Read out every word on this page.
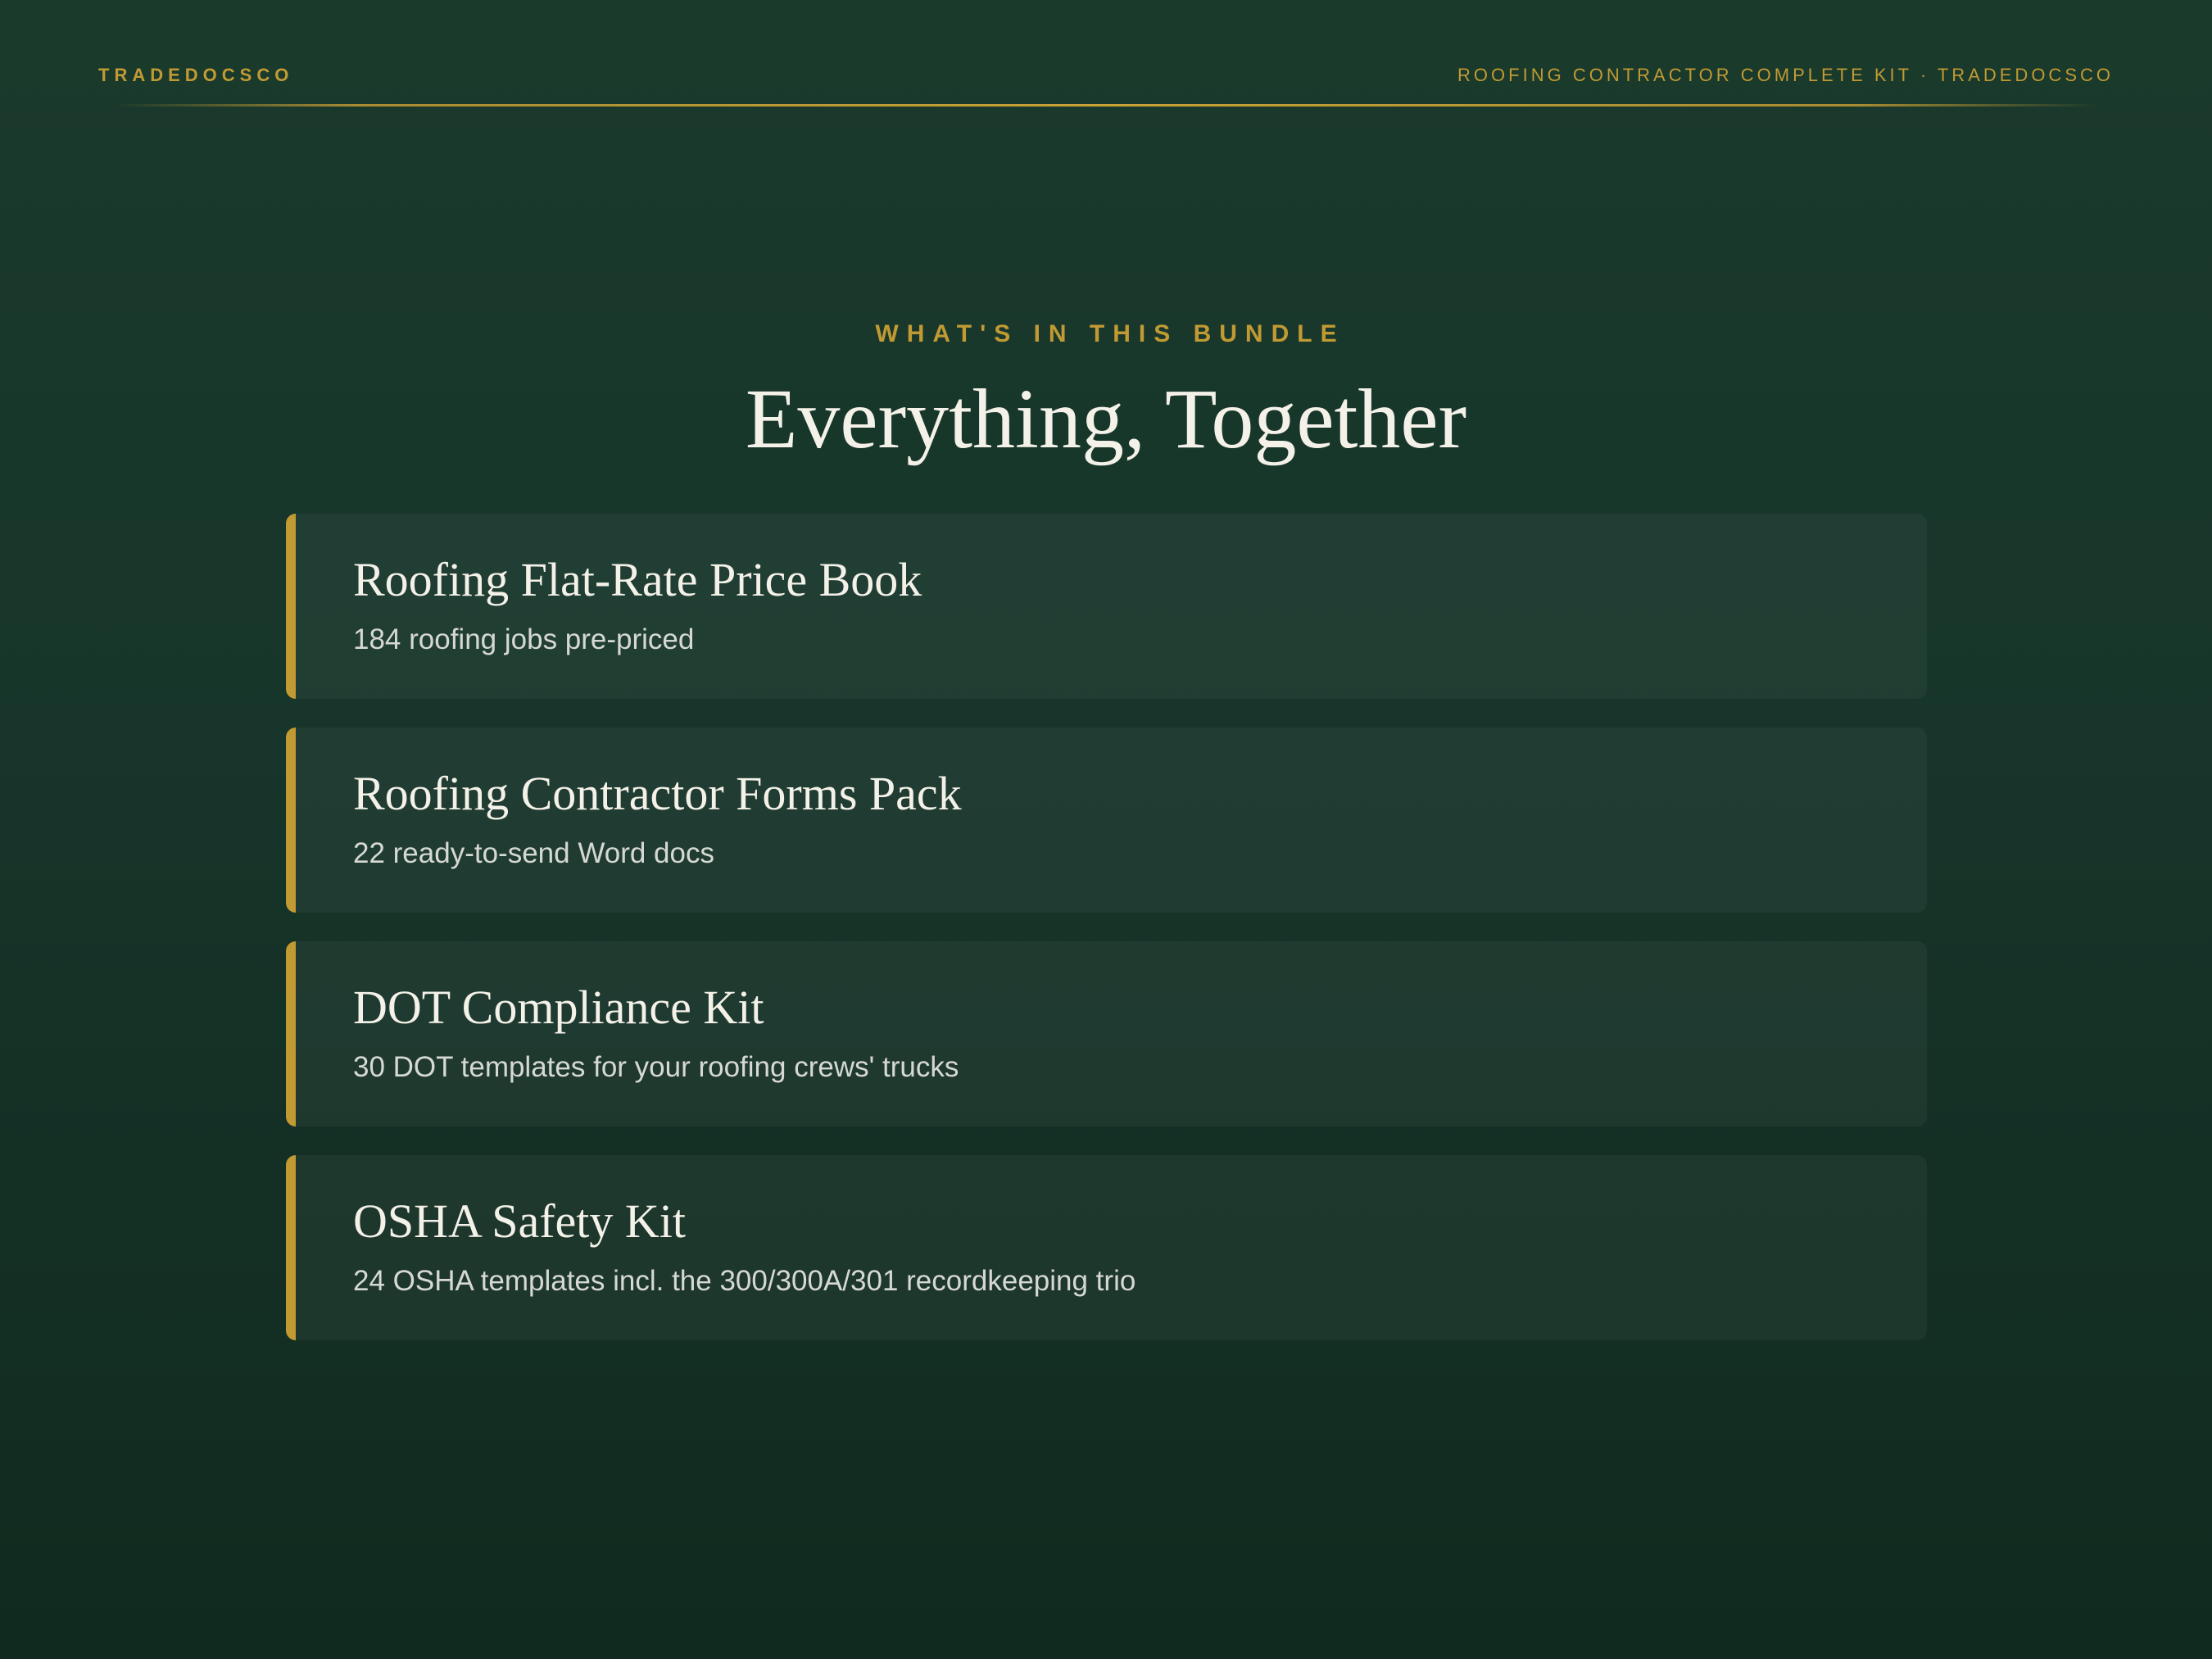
TRADEDOCSCO	ROOFING CONTRACTOR COMPLETE KIT · TRADEDOCSCO
WHAT'S IN THIS BUNDLE
Everything, Together
Roofing Flat-Rate Price Book
184 roofing jobs pre-priced
Roofing Contractor Forms Pack
22 ready-to-send Word docs
DOT Compliance Kit
30 DOT templates for your roofing crews' trucks
OSHA Safety Kit
24 OSHA templates incl. the 300/300A/301 recordkeeping trio
